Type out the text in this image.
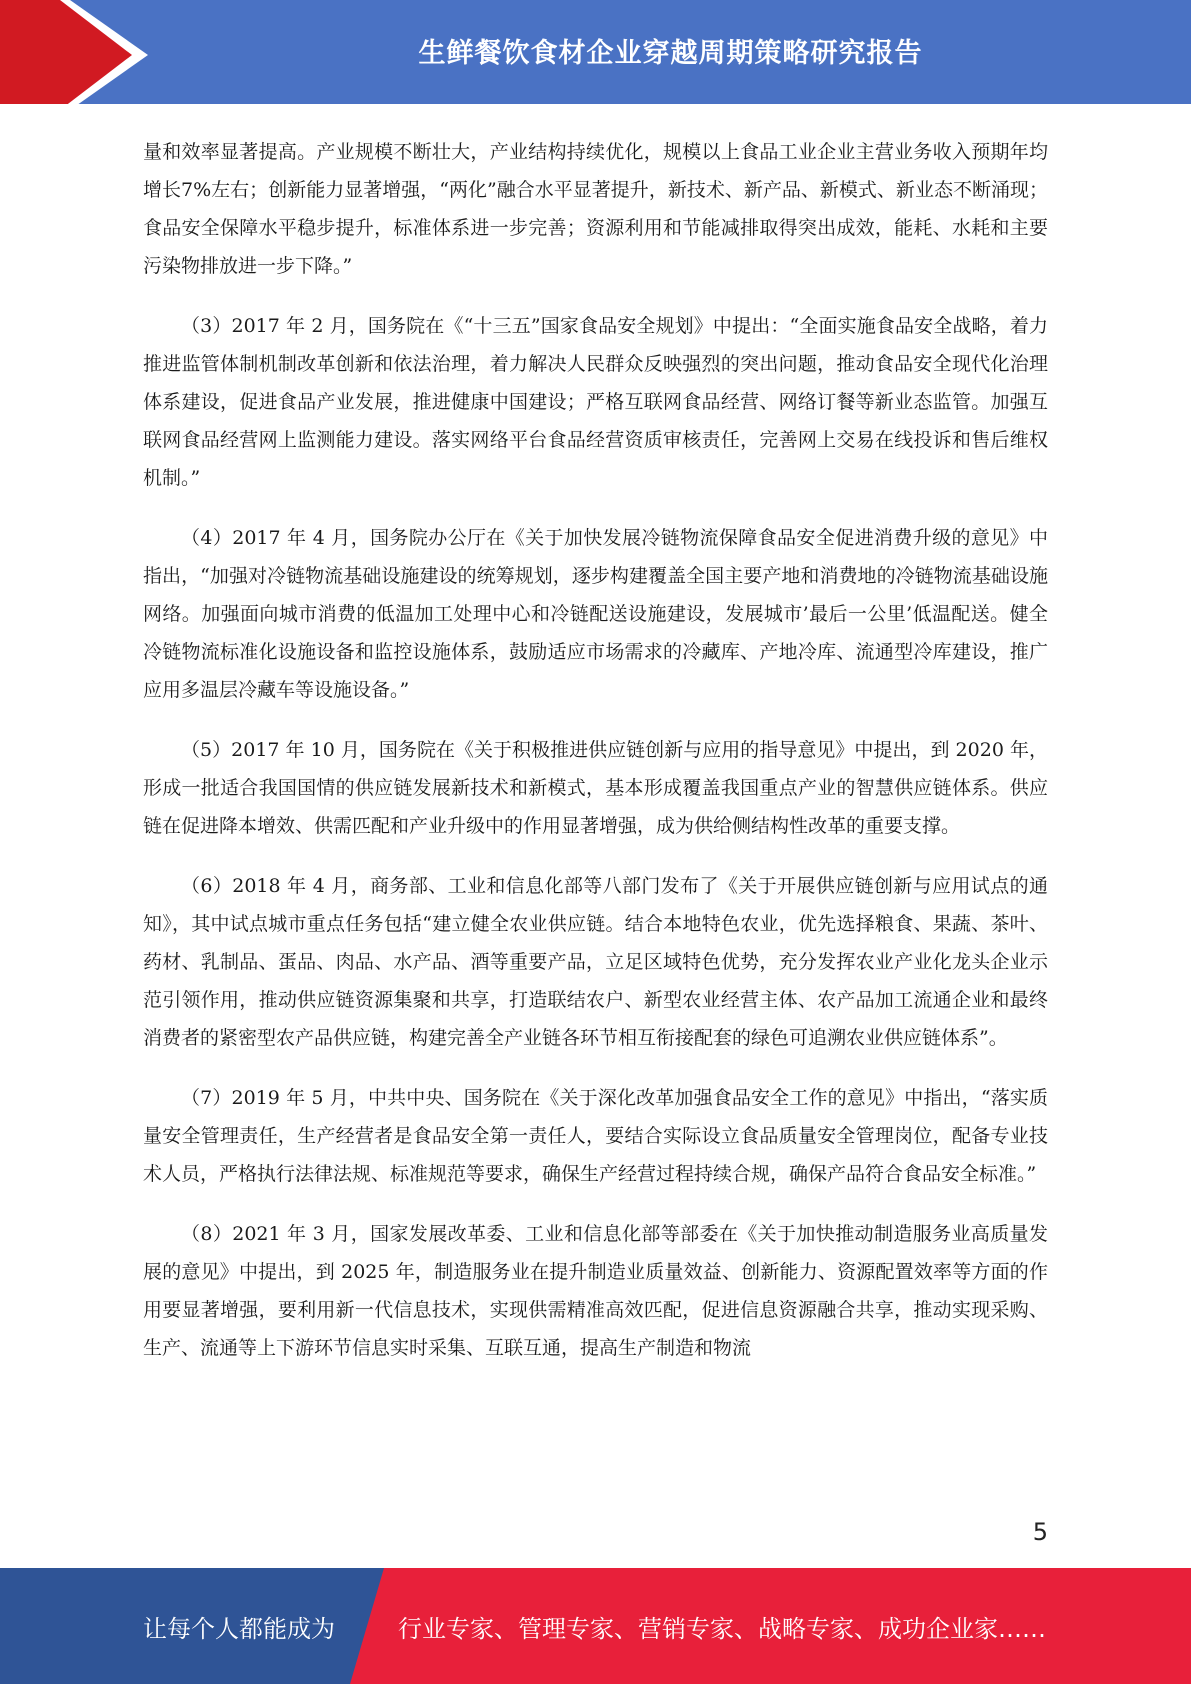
生鲜餐饮食材企业穿越周期策略研究报告

量和效率显著提高。产业规模不断壮大，产业结构持续优化，规模以上食品工业企业主营业务收入预期年均增长7%左右；创新能力显著增强，“两化”融合水平显著提升，新技术、新产品、新模式、新业态不断涌现；食品安全保障水平稳步提升，标准体系进一步完善；资源利用和节能减排取得突出成效，能耗、水耗和主要污染物排放进一步下降。”

（3）2017 年 2 月，国务院在《“十三五”国家食品安全规划》中提出：“全面实施食品安全战略，着力推进监管体制机制改革创新和依法治理，着力解决人民群众反映强烈的突出问题，推动食品安全现代化治理体系建设，促进食品产业发展，推进健康中国建设；严格互联网食品经营、网络订餐等新业态监管。加强互联网食品经营网上监测能力建设。落实网络平台食品经营资质审核责任，完善网上交易在线投诉和售后维权机制。”

（4）2017 年 4 月，国务院办公厅在《关于加快发展冷链物流保障食品安全促进消费升级的意见》中指出，“加强对冷链物流基础设施建设的统筹规划，逐步构建覆盖全国主要产地和消费地的冷链物流基础设施网络。加强面向城市消费的低温加工处理中心和冷链配送设施建设，发展城市’最后一公里’低温配送。健全冷链物流标准化设施设备和监控设施体系，鼓励适应市场需求的冷藏库、产地冷库、流通型冷库建设，推广应用多温层冷藏车等设施设备。”

（5）2017 年 10 月，国务院在《关于积极推进供应链创新与应用的指导意见》中提出，到 2020 年，形成一批适合我国国情的供应链发展新技术和新模式，基本形成覆盖我国重点产业的智慧供应链体系。供应链在促进降本增效、供需匹配和产业升级中的作用显著增强，成为供给侧结构性改革的重要支撑。

（6）2018 年 4 月，商务部、工业和信息化部等八部门发布了《关于开展供应链创新与应用试点的通知》，其中试点城市重点任务包括“建立健全农业供应链。结合本地特色农业，优先选择粮食、果蔬、茶叶、药材、乳制品、蛋品、肉品、水产品、酒等重要产品，立足区域特色优势，充分发挥农业产业化龙头企业示范引领作用，推动供应链资源集聚和共享，打造联结农户、新型农业经营主体、农产品加工流通企业和最终消费者的紧密型农产品供应链，构建完善全产业链各环节相互衔接配套的绿色可追溯农业供应链体系”。

（7）2019 年 5 月，中共中央、国务院在《关于深化改革加强食品安全工作的意见》中指出，“落实质量安全管理责任，生产经营者是食品安全第一责任人，要结合实际设立食品质量安全管理岗位，配备专业技术人员，严格执行法律法规、标准规范等要求，确保生产经营过程持续合规，确保产品符合食品安全标准。”

（8）2021 年 3 月，国家发展改革委、工业和信息化部等部委在《关于加快推动制造服务业高质量发展的意见》中提出，到 2025 年，制造服务业在提升制造业质量效益、创新能力、资源配置效率等方面的作用要显著增强，要利用新一代信息技术，实现供需精准高效匹配，促进信息资源融合共享，推动实现采购、生产、流通等上下游环节信息实时采集、互联互通，提高生产制造和物流

5
让每个人都能成为	行业专家、管理专家、营销专家、战略专家、成功企业家……
